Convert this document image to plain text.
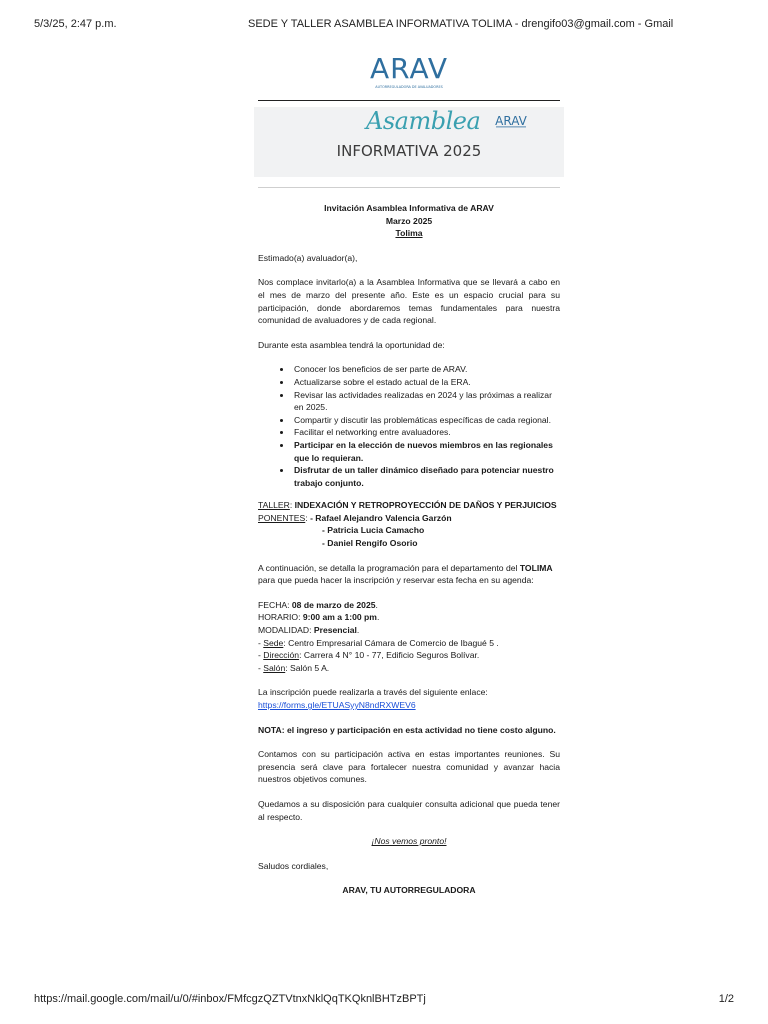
5/3/25, 2:47 p.m.	SEDE Y TALLER ASAMBLEA INFORMATIVA TOLIMA - drengifo03@gmail.com - Gmail
ARAV
AUTORREGULADORA DE AVALUADORES
Asamblea ARAV
INFORMATIVA 2025
Invitación Asamblea Informativa de ARAV
Marzo 2025
Tolima

Estimado(a) avaluador(a),

Nos complace invitarlo(a) a la Asamblea Informativa que se llevará a cabo en el mes de marzo del presente año. Este es un espacio crucial para su participación, donde abordaremos temas fundamentales para nuestra comunidad de avaluadores y de cada regional.

Durante esta asamblea tendrá la oportunidad de:

• Conocer los beneficios de ser parte de ARAV.
• Actualizarse sobre el estado actual de la ERA.
• Revisar las actividades realizadas en 2024 y las próximas a realizar en 2025.
• Compartir y discutir las problemáticas específicas de cada regional.
• Facilitar el networking entre avaluadores.
• Participar en la elección de nuevos miembros en las regionales que lo requieran.
• Disfrutar de un taller dinámico diseñado para potenciar nuestro trabajo conjunto.
TALLER: INDEXACIÓN Y RETROPROYECCIÓN DE DAÑOS Y PERJUICIOS
PONENTES: - Rafael Alejandro Valencia Garzón
- Patricia Lucia Camacho
- Daniel Rengifo Osorio

A continuación, se detalla la programación para el departamento del TOLIMA para que pueda hacer la inscripción y reservar esta fecha en su agenda:

FECHA: 08 de marzo de 2025.
HORARIO: 9:00 am a 1:00 pm.
MODALIDAD: Presencial.
- Sede: Centro Empresarial Cámara de Comercio de Ibagué 5 .
- Dirección: Carrera 4 N° 10 - 77, Edificio Seguros Bolívar.
- Salón: Salón 5 A.

La inscripción puede realizarla a través del siguiente enlace:
https://forms.gle/ETUASyyN8ndRXWEV6

NOTA: el ingreso y participación en esta actividad no tiene costo alguno.

Contamos con su participación activa en estas importantes reuniones. Su presencia será clave para fortalecer nuestra comunidad y avanzar hacia nuestros objetivos comunes.

Quedamos a su disposición para cualquier consulta adicional que pueda tener al respecto.

¡Nos vemos pronto!

Saludos cordiales,

ARAV, TU AUTORREGULADORA

https://mail.google.com/mail/u/0/#inbox/FMfcgzQZTVtnxNklQqTKQknlBHTzBPTj	1/2
